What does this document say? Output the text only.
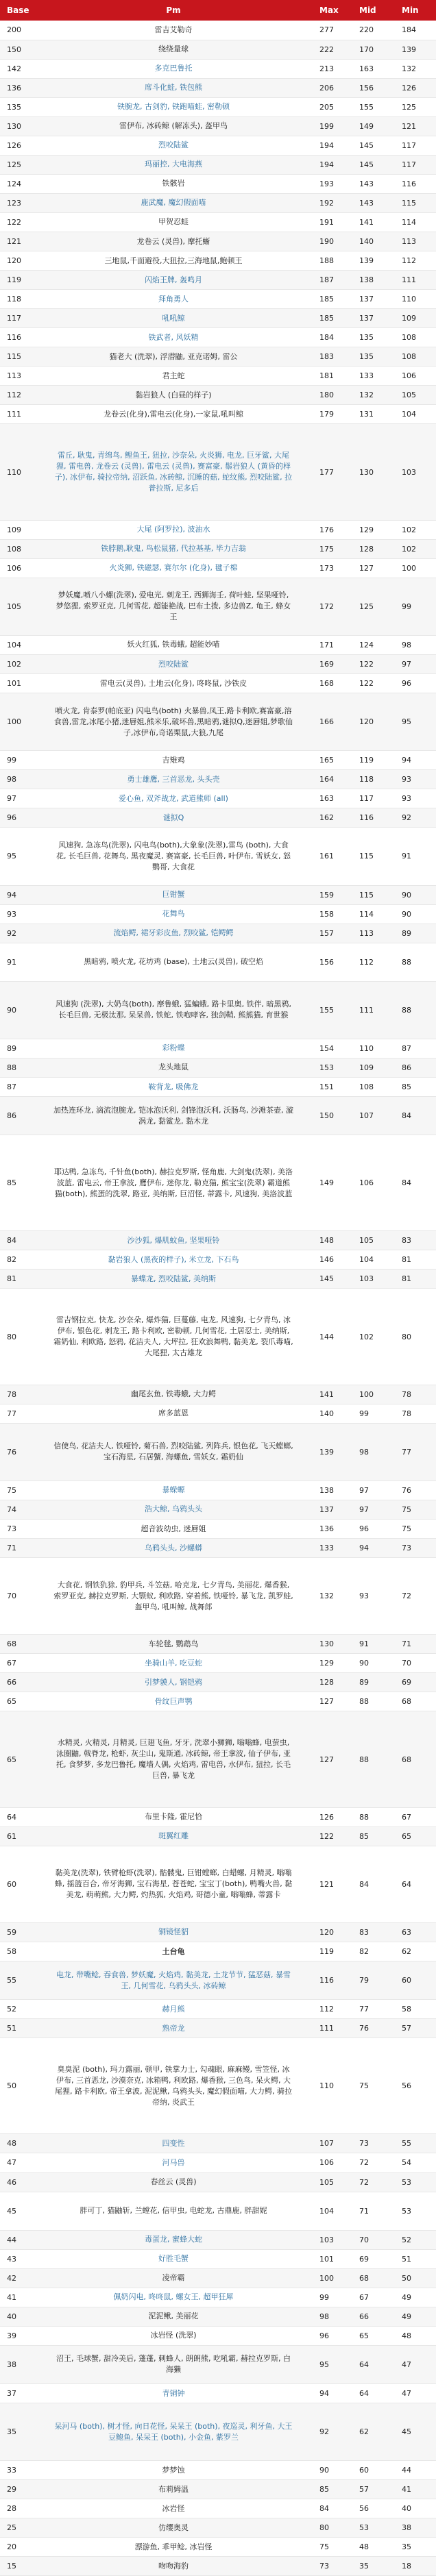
Base	Pm	Max	Mid	Min
200	雷吉艾勒奇	277	220	184
150	绕绕量球	222	170	139
142	多克巴鲁托	213	163	132
136	席斗化蛙, 铁包熊	206	156	126
135	铁腕龙, 古剑豹, 铁跑喵蛙, 密勒顿	205	155	125
130	雷伊布, 冰砖鲸 (解冻头), 盔甲鸟	199	149	121
126	烈咬陆鲨	194	145	117
125	玛丽控, 大电海燕	194	145	117
124	铁骸岩	193	143	116
123	鹿武魔, 魔幻假面喵	192	143	115
122	甲贺忍蛙	191	141	114
121	龙卷云 (灵兽), 摩托蜥	190	140	113
120	三地鼠,千面避役,大狃拉,三海地鼠,鲍顿王	188	139	112
119	闪焰王牌, 轰鸣月	187	138	111
118	拜角勇人	185	137	110
117	吼吼鲸	185	137	109
116	铁武者, 风妖精	184	135	108
115	猫老大 (洗翠), 浮潜鼬, 亚克诺姆, 雷公	183	135	108
113	君主蛇	181	133	106
112	黏岩狼人 (白昼的样子)	180	132	105
111	龙卷云(化身),雷电云(化身),一家鼠,吼叫鲸	179	131	104
110	雷丘, 耿鬼, 青绵鸟, 鲤鱼王, 狃拉, 沙奈朵, 火炎狮, 电龙, 巨牙鲨, 大尾狸, 雷电兽, 龙卷云 (灵兽), 雷电云 (灵兽), 赛富豪, 鬃岩狼人 (黄昏的样子), 冰伊布, 骑拉帝纳, 沼跃鱼, 冰砖鲸, 沉睡的菇, 蛇纹熊, 烈咬陆鲨, 拉普拉斯, 尼多后	177	130	103
109	大尾 (阿罗拉), 波油水	176	129	102
108	铁脖鹅,耿鬼, 鸟松鼠猪, 代拉基基, 毕力吉翁	175	128	102
106	火炎狮, 铁磁瑟, 赛尔尔 (化身), 毽子棉	173	127	100
105	梦妖魔,喷八小螺(洗翠), 爱电光, 刺龙王, 西狮海壬, 荷叶蛙, 坚果哑铃, 梦悠狸, 索罗亚克, 几何雪花, 超能艳战, 巴布土拨, 多边兽Z, 龟王, 蜂女王	172	125	99
104	妖火红狐, 铁毒蛾, 超能妙喵	171	124	98
102	烈咬陆鲨	169	122	97
101	雷电云(灵兽), 土地云(化身), 咚咚鼠, 沙铁皮	168	122	96
100	喷火龙, 肯泰罗(帕底亚) 闪电鸟(both) 火暴兽,凤王,路卡利欧,赛富豪,溶食兽,雷龙,冰尾小猪,迷唇姐,熊米乐,破坏兽,黑暗鸦,谜拟Q,迷唇姐,梦歌仙子,冰伊布,奇诺栗鼠,大狼,九尾	166	120	95
99	吉雉鸡	165	119	94
98	勇士雄鹰, 三首恶龙, 头头壳	164	118	93
97	爱心鱼, 双斧战龙, 武道熊师 (all)	163	117	93
96	谜拟Q	162	116	92
95	风速狗, 急冻鸟(洗翠), 闪电鸟(both),大象象(洗翠),雷鸟 (both), 大食花, 长毛巨兽, 花舞鸟, 黑夜魔灵, 赛富豪, 长毛巨兽, 叶伊布, 雪妖女, 怒鹦哥, 大食花	161	115	91
94	巨钳蟹	159	115	90
93	花舞鸟	158	114	90
92	流焰鳄, 裙牙彩皮鱼, 烈咬鲨, 铠鳄鳄	157	113	89
91	黑暗鸦, 喷火龙, 花坊鸡 (base), 土地云(灵兽), 破空焰	156	112	88
90	风速狗 (洗翠), 大奶鸟(both), 摩鲁蛾, 猛蝙蛾, 路卡里奥, 铁伴, 暗黑鸦, 长毛巨兽, 无极汰那, 呆呆兽, 铁蛇, 铁咆哮客, 独剑鞘, 熊熊猫, 育世猴	155	111	88
89	彩粉蝶	154	110	87
88	龙头地鼠	153	109	86
87	鞍背龙, 吸佛龙	151	108	85
86	加热连环龙, 滴流泡腕龙, 铠冰泡沃利, 剑锋泡沃利, 沃肠鸟, 沙滩茶壶, 漩涡龙, 黏鲨龙, 黏木龙	150	107	84
85	耶达鸭, 急冻鸟, 千针鱼(both), 赫拉克罗斯, 怪角鹿, 大剑鬼(洗翠), 美洛波蓝, 雷电云, 帝王拿波, 鹰伊布, 迷你龙, 勒克猫, 熊宝宝(洗翠) 霸道熊猫(both), 熊蛋的洗翠, 路亚, 美纳斯, 巨沼怪, 蒂露卡, 风速狗, 美洛波蓝	149	106	84
84	沙沙狐, 爆肌蚊鱼, 坚果哑铃	148	105	83
82	黏岩狼人 (黑夜的样子), 米立龙, 下石鸟	146	104	81
81	暴蝶龙, 烈咬陆鲨, 美纳斯	145	103	81
80	雷吉钢拉克, 快龙, 沙奈朵, 爆炸猫, 巨蔓藤, 电龙, 风速狗, 七夕青鸟, 冰伊布, 银色花, 刺龙王, 路卡利欧, 密勒顿, 几何雪花, 土居忍士, 美纳斯, 霜奶仙, 利欧路, 怒鸦, 花洁夫人, 大坪拉, 狂欢浪舞鸭, 黏美龙, 裂爪毒喵, 大尾狸, 太古雄龙	144	102	80
78	幽尾玄鱼, 铁毒蛾, 大力鳄	141	100	78
77	席多蓝恩	140	99	78
76	信使鸟, 花洁夫人, 铁哑铃, 菊石兽, 烈咬陆鲨, 列阵兵, 银色花, 飞天螳螂, 宝石海星, 石居蟹, 海螺鱼, 雪妖女, 霜奶仙	139	98	77
75	暴蝾螈	138	97	76
74	浩大鲸, 乌鸦头头	137	97	75
73	超音波幼虫, 迷唇姐	136	96	75
71	乌鸦头头, 沙螺蟒	133	94	73
70	大食花, 钢铁犰狳, 豹甲兵, 斗笠菇, 哈克龙, 七夕青鸟, 美丽花, 爆香猴, 索罗亚克, 赫拉克罗斯, 大颚蚁, 利欧路, 穿着熊, 铁哑铃, 暴飞龙, 凯罗蛙, 盔甲鸟, 吼叫鲸, 战舞郎	132	93	72
68	车轮毬, 鹦鹉鸟	130	91	71
67	坐骑山羊, 吃豆蛇	129	90	70
66	引梦貘人, 钢铠鸦	128	89	69
65	骨纹巨声鹗	127	88	68
65	水精灵, 火精灵, 月精灵, 巨翅飞鱼, 牙牙, 洗翠小狮狮, 嗡嗡蜂, 电萤虫, 泳圈鼬, 戟脊龙, 枪虾, 灰尘山, 鬼斯通, 冰砖鲸, 帝王拿波, 仙子伊布, 亚托, 食梦梦, 多龙巴鲁托, 魔墙人偶, 火焰鸡, 雷电兽, 水伊布, 狃拉, 长毛巨兽, 暴飞龙	127	88	68
64	布里卡隆, 霍尼恰	126	88	67
61	斑翼红雕	122	85	65
60	黏美龙(洗翠), 铁臂枪虾(洗翠), 骷髅鬼, 巨钳螳螂, 白蜡螺, 月精灵, 嗡嗡蜂, 摇篮百合, 帝牙海狮, 宝石海星, 苍苍蛇, 宝宝丁(both), 鸭嘴火兽, 黏美龙, 萌萌熊, 大力鳄, 灼热狐, 火焰鸡, 哥德小童, 嗡嗡蜂, 蒂露卡	121	84	64
59	铜镜怪貂	120	83	63
58	土台龟	119	82	62
55	电龙, 带嘴鲶, 吞食兽, 梦妖魔, 火焰鸡, 黏美龙, 土龙节节, 猛恶菇, 暴雪王, 几何雪花, 乌鸦头头, 冰砖鲸	116	79	60
52	赫月熊	112	77	58
51	熟帝龙	111	76	57
50	臭臭泥 (both), 玛力露丽, 顿甲, 铁掌力士, 勾魂眼, 麻麻鳗, 雪笠怪, 冰伊布, 三首恶龙, 沙漠奈克, 冰箱鸭, 利欧路, 爆香猴, 三色鸟, 呆火鳄, 大尾狸, 路卡利欧, 帝王拿波, 泥泥鳅, 乌鸦头头, 魔幻假面喵, 大力鳄, 骑拉帝纳, 炎武王	110	75	56
48	四变性	107	73	55
47	河马兽	106	72	54
46	春丝云 (灵兽)	105	72	53
45	胖可丁, 猫鼬斩, 兰螳花, 信甲虫, 电蛇龙, 古鼎鹿, 胖甜妮	104	71	53
44	毒蛋龙, 蜜蜂大蛇	103	70	52
43	好胜毛蟹	101	69	51
42	凌帝霸	100	68	50
41	佩奶闪电, 咚咚鼠, 螺女王, 超甲狂犀	99	67	49
40	泥泥鳅, 美丽花	98	66	49
39	冰岩怪 (洗翠)	96	65	48
38	沼王, 毛球蟹, 甜冷美后, 蓬蓬, 刺蜂人, 朗朗熊, 吃吼霸, 赫拉克罗斯, 白海獭	95	64	47
37	青铜钟	94	64	47
35	呆河马 (both), 树才怪, 向日花怪, 呆呆王 (both), 夜巡灵, 利牙鱼, 大王豆鲍鱼, 呆呆王 (both), 小金鱼, 紫罗兰	92	62	45
33	梦梦蚀	90	60	44
29	布莉姆温	85	57	41
28	冰岩怪	84	56	40
25	仿缨奥灵	80	53	38
20	漂游鱼, 乖甲鲶, 冰岩怪	75	48	35
15	吻吻海豹	73	35	18
